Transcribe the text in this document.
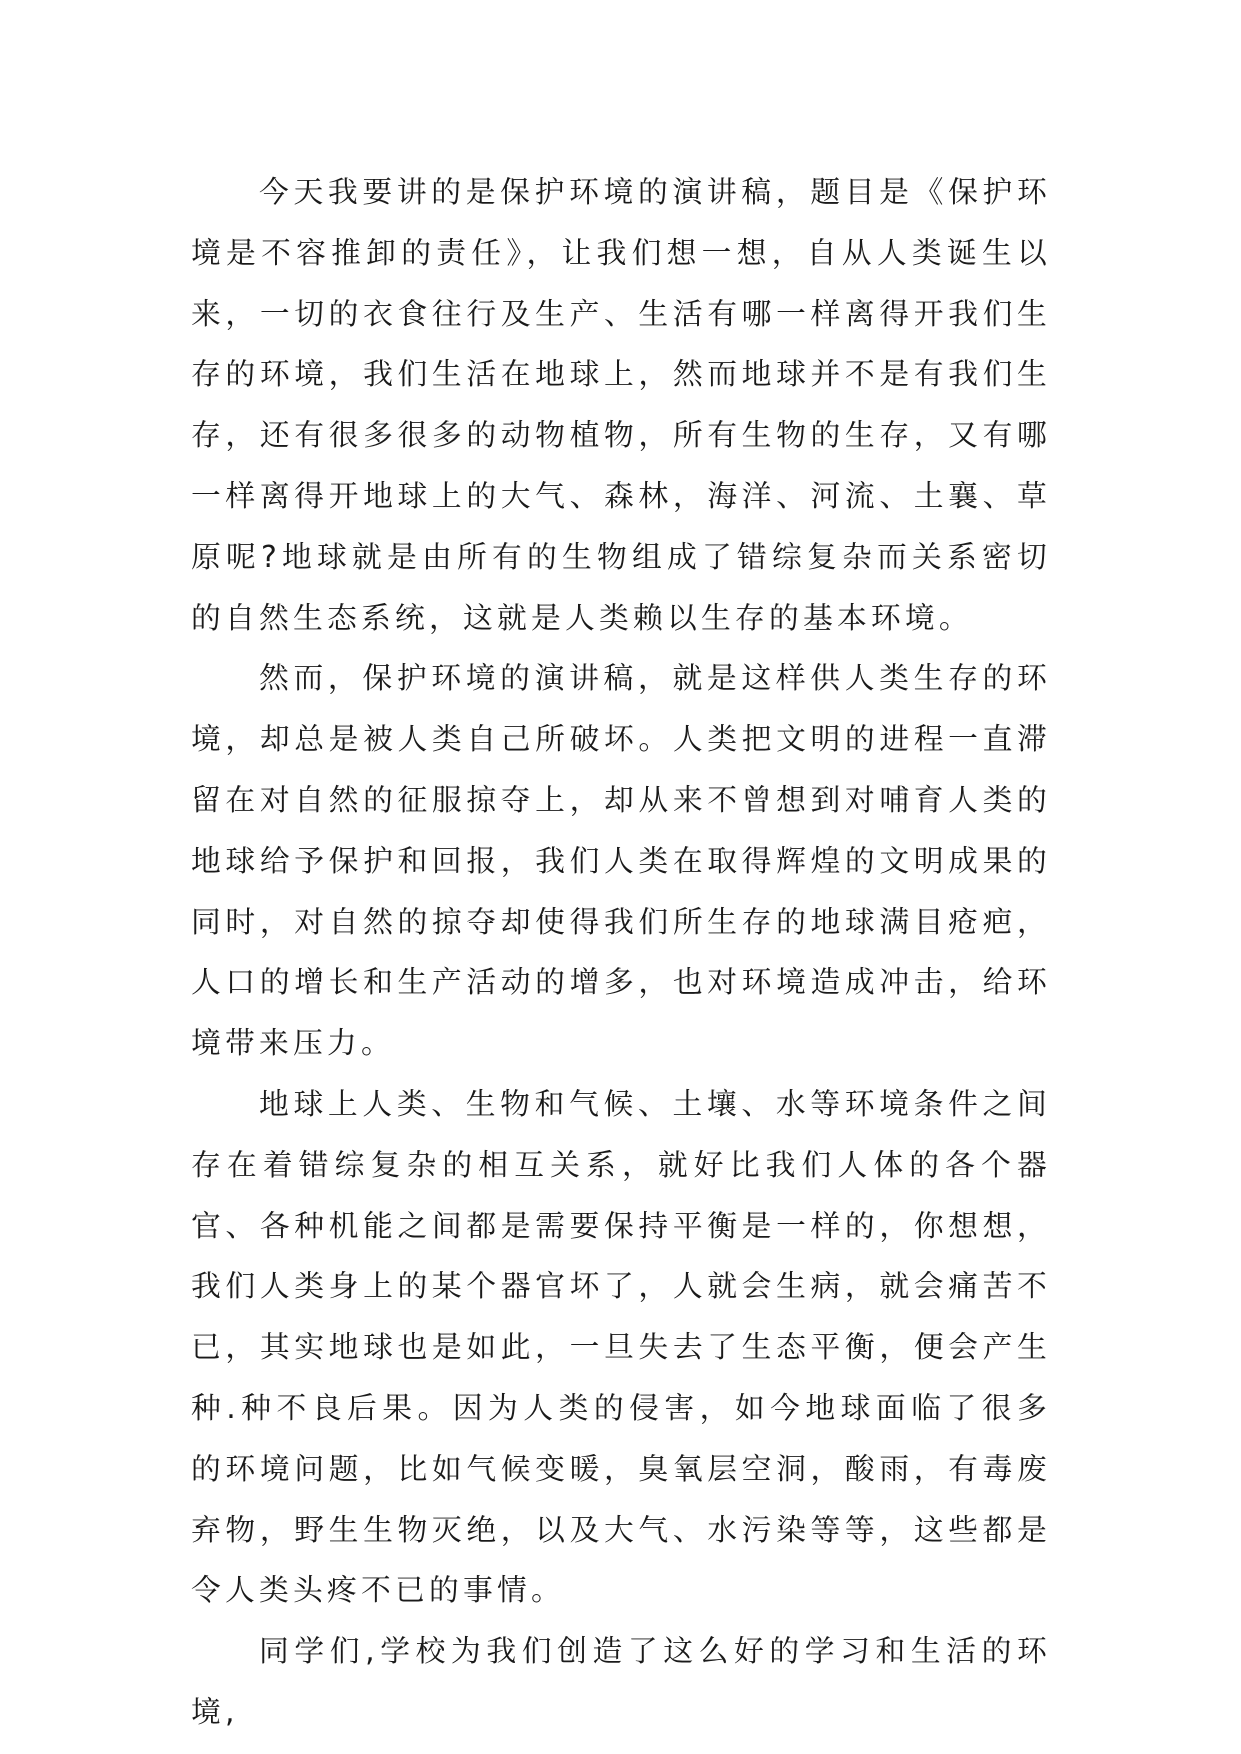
今天我要讲的是保护环境的演讲稿，题目是《保护环境是不容推卸的责任》，让我们想一想，自从人类诞生以来，一切的衣食往行及生产、生活有哪一样离得开我们生存的环境，我们生活在地球上，然而地球并不是有我们生存，还有很多很多的动物植物，所有生物的生存，又有哪一样离得开地球上的大气、森林，海洋、河流、土襄、草原呢?地球就是由所有的生物组成了错综复杂而关系密切的自然生态系统，这就是人类赖以生存的基本环境。

然而，保护环境的演讲稿，就是这样供人类生存的环境，却总是被人类自己所破坏。人类把文明的进程一直滞留在对自然的征服掠夺上，却从来不曾想到对哺育人类的地球给予保护和回报，我们人类在取得辉煌的文明成果的同时，对自然的掠夺却使得我们所生存的地球满目疮疤，人口的增长和生产活动的增多，也对环境造成冲击，给环境带来压力。

地球上人类、生物和气候、土壤、水等环境条件之间存在着错综复杂的相互关系，就好比我们人体的各个器官、各种机能之间都是需要保持平衡是一样的，你想想，我们人类身上的某个器官坏了，人就会生病，就会痛苦不已，其实地球也是如此，一旦失去了生态平衡，便会产生种.种不良后果。因为人类的侵害，如今地球面临了很多的环境问题，比如气候变暖，臭氧层空洞，酸雨，有毒废弃物，野生生物灭绝，以及大气、水污染等等，这些都是令人类头疼不已的事情。

同学们,学校为我们创造了这么好的学习和生活的环境,
